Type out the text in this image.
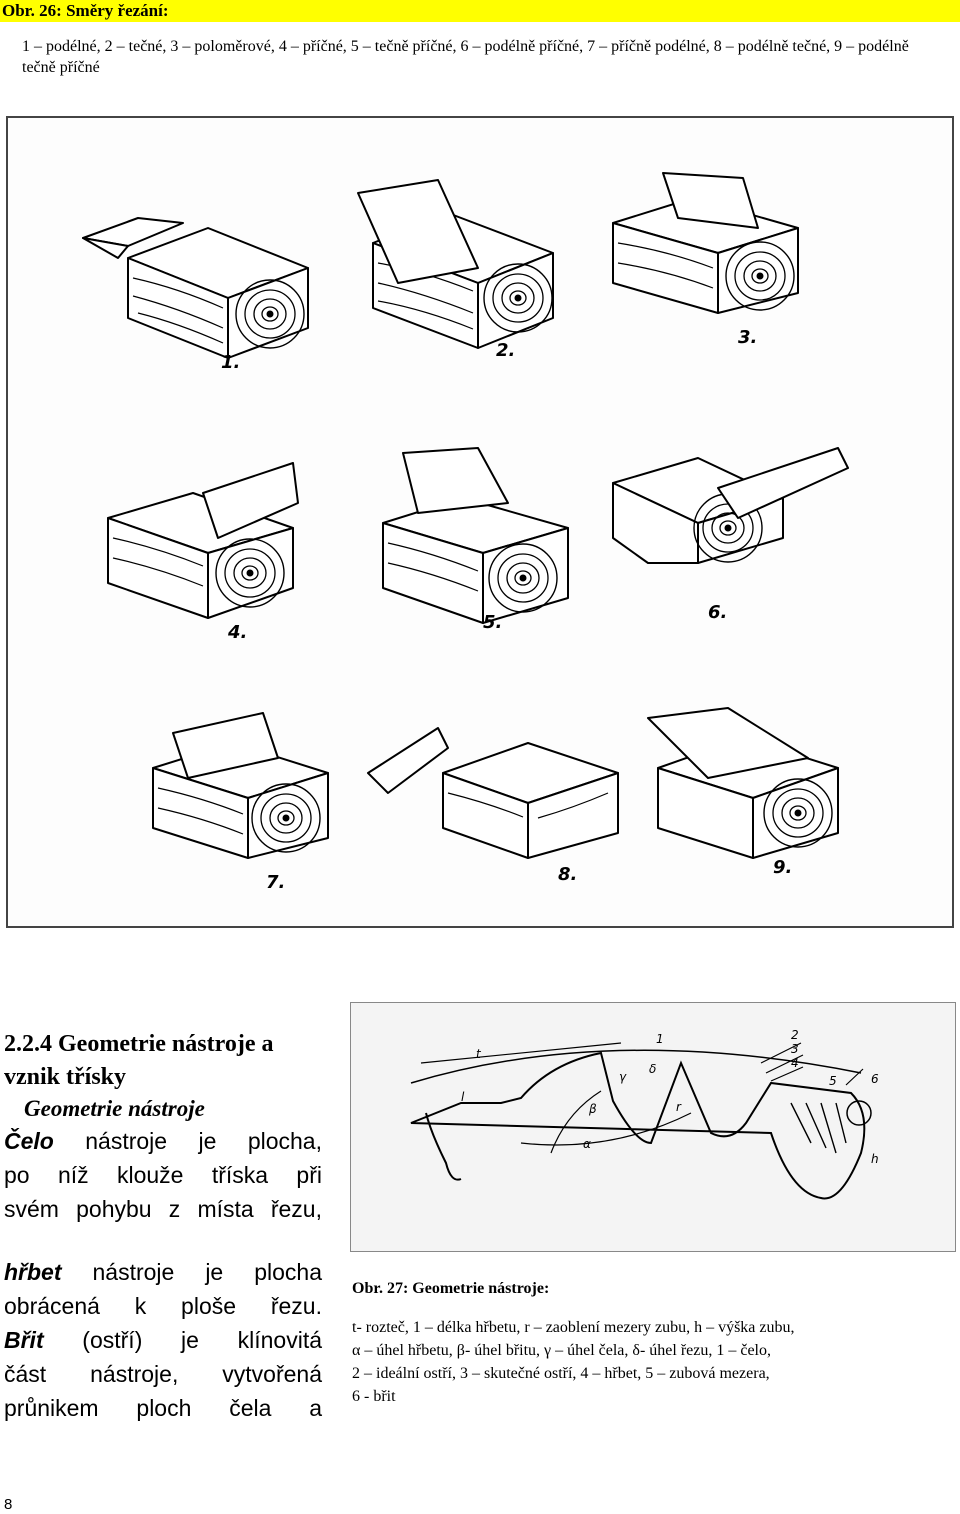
Obr. 26: Směry řezání:
1 – podélné, 2 – tečné, 3 – poloměrové, 4 – příčné, 5 – tečně příčné, 6 – podélně příčné, 7 – příčně podélné, 8 – podélně tečné, 9 – podélně tečně příčné
1.
2.
3.
4.	5.	6.
7.	8.	9.
2.2.4 Geometrie nástroje a vznik třísky
Geometrie nástroje
Čelo nástroje je plocha,
po níž klouže tříska při
svém pohybu z místa řezu,
hřbet nástroje je plocha
obrácená k ploše řezu.
Břit (ostří) je klínovitá
část nástroje, vytvořená
průnikem ploch čela a
t
l
β
γ
α
δ
r
h
1	2
3
4
5	6
Obr. 27: Geometrie nástroje:
t- rozteč, 1 – délka hřbetu, r – zaoblení mezery zubu, h – výška zubu,
α – úhel hřbetu, β- úhel břitu, γ – úhel čela, δ- úhel řezu, 1 – čelo,
2 – ideální ostří, 3 – skutečné ostří, 4 – hřbet, 5 – zubová mezera,
6 - břit
8
